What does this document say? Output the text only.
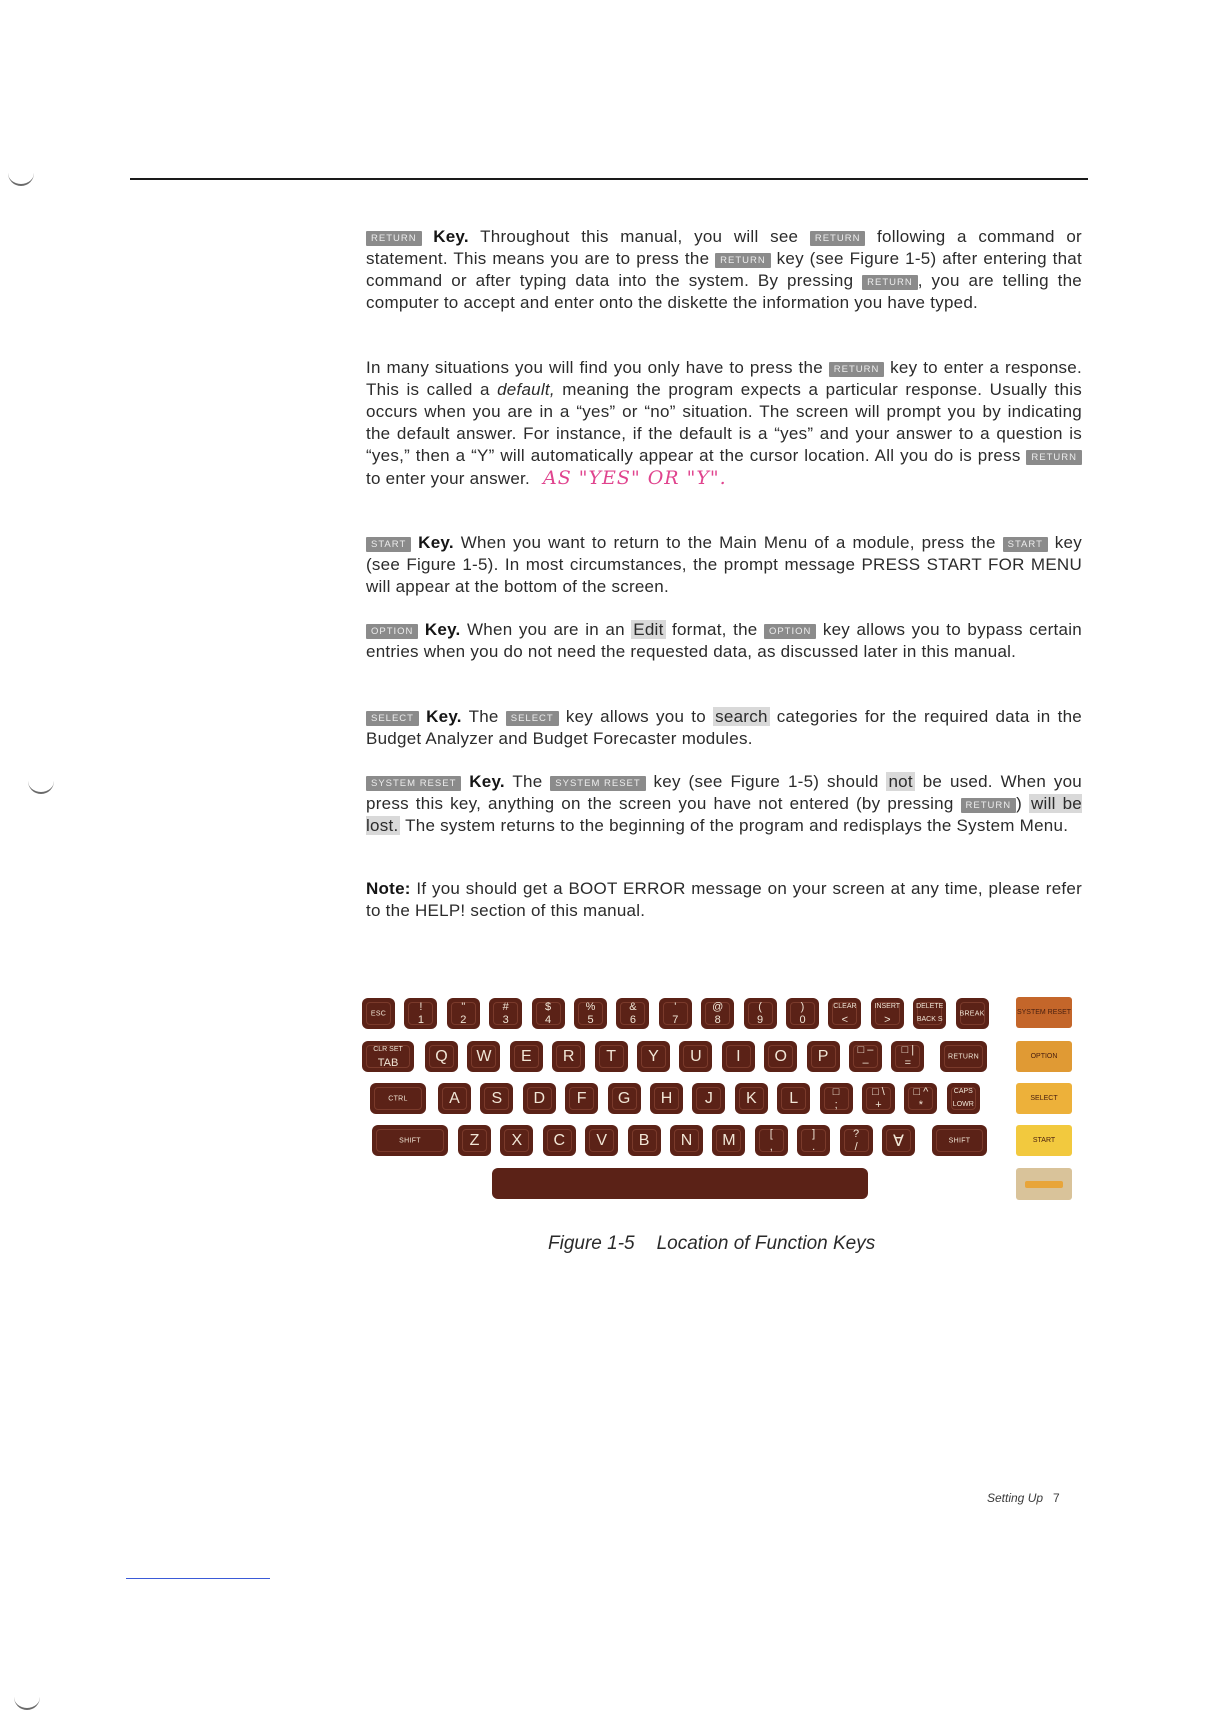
RETURN Key. Throughout this manual, you will see RETURN following a command or statement. This means you are to press the RETURN key (see Figure 1-5) after entering that command or after typing data into the system. By pressing RETURN , you are telling the computer to accept and enter onto the diskette the information you have typed.

In many situations you will find you only have to press the RETURN key to enter a response. This is called a default, meaning the program expects a particular response. Usually this occurs when you are in a “yes” or “no” situation. The screen will prompt you by indicating the default answer. For instance, if the default is a “yes” and your answer to a question is “yes,” then a “Y” will automatically appear at the cursor location. All you do is press RETURN to enter your answer. AS "YES" OR "Y".

START Key. When you want to return to the Main Menu of a module, press the START key (see Figure 1-5). In most circumstances, the prompt message PRESS START FOR MENU will appear at the bottom of the screen.

OPTION Key. When you are in an Edit format, the OPTION key allows you to bypass certain entries when you do not need the requested data, as discussed later in this manual.

SELECT Key. The SELECT key allows you to search categories for the required data in the Budget Analyzer and Budget Forecaster modules.

SYSTEM RESET Key. The SYSTEM RESET key (see Figure 1-5) should not be used. When you press this key, anything on the screen you have not entered (by pressing RETURN ) will be lost. The system returns to the beginning of the program and redisplays the System Menu.

Note: If you should get a BOOT ERROR message on your screen at any time, please refer to the HELP! section of this manual.

ESC
!
1
"
2
#
3
$
4
%
5
&
6
'
7
@
8
(
9
)
0
CLEAR
<
INSERT
>
DELETE
BACK S
BREAK
CLR SET
TAB	Q	W	E	R	T	Y	U	I	O	P	□ –
–
□ |
=
RETURN
CTRL	A	S	D	F	G	H	J	K	L	□
;
□ \
+
□ ^
*
CAPS
LOWR
SHIFT	Z	X	C	V	B	N	M	[
,
]
.
?
/	Ɐ	SHIFT
SYSTEM RESET
OPTION
SELECT
START
Figure 1-5 Location of Function Keys
Setting Up 7
